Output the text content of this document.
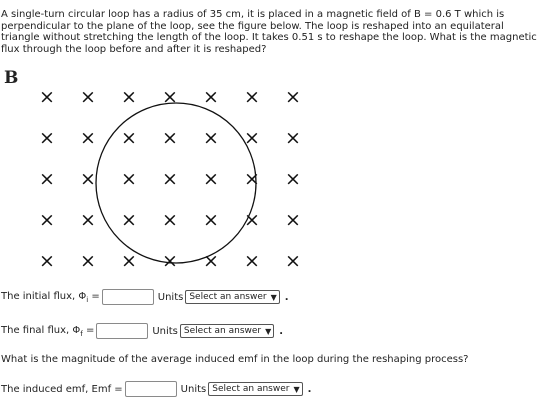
A single-turn circular loop has a radius of 35 cm, it is placed in a magnetic field of B = 0.6 T which is perpendicular to the plane of the loop, see the figure below. The loop is reshaped into an equilateral triangle without stretching the length of the loop. It takes 0.51 s to reshape the loop. What is the magnetic flux through the loop before and after it is reshaped?
B
× × × × × × ×
× × × × × × ×
× × × × × × ×
× × × × × × ×
× × × × × × ×
The initial flux, $\Phi_i$ =	Units Select an answer ▼ .
The final flux, $\Phi_f$ =	Units Select an answer ▼ .
What is the magnitude of the average induced emf in the loop during the reshaping process?
The induced emf, Emf =	Units Select an answer ▼ .
